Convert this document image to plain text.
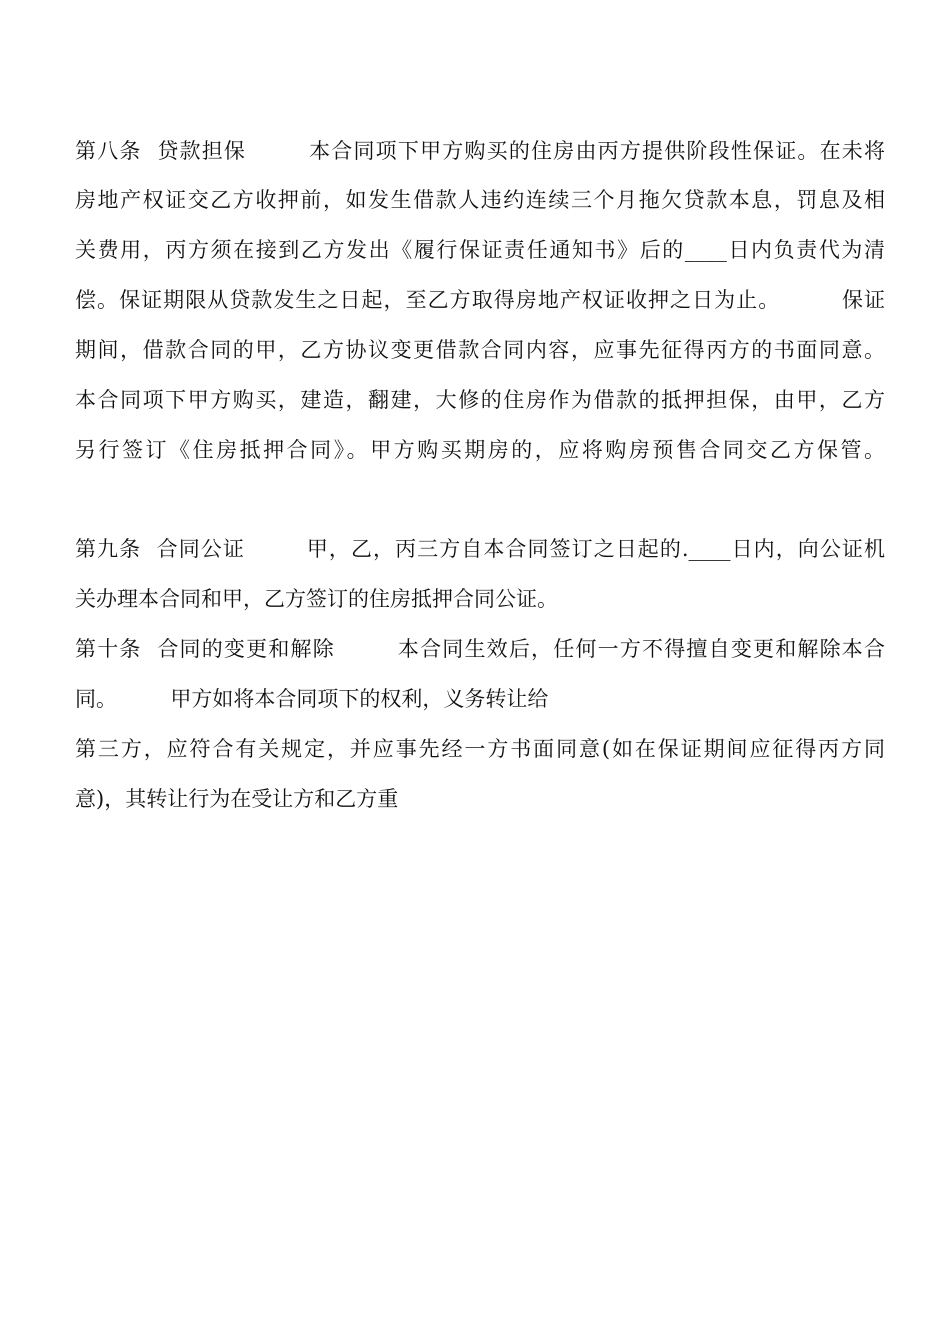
第八条  贷款担保        本合同项下甲方购买的住房由丙方提供阶段性保证。在未将
房地产权证交乙方收押前，如发生借款人违约连续三个月拖欠贷款本息，罚息及相
关费用，丙方须在接到乙方发出《履行保证责任通知书》后的____日内负责代为清
偿。保证期限从贷款发生之日起，至乙方取得房地产权证收押之日为止。        保证
期间，借款合同的甲，乙方协议变更借款合同内容，应事先征得丙方的书面同意。
本合同项下甲方购买，建造，翻建，大修的住房作为借款的抵押担保，由甲，乙方
另行签订《住房抵押合同》。甲方购买期房的，应将购房预售合同交乙方保管。
第九条  合同公证        甲，乙，丙三方自本合同签订之日起的.____日内，向公证机
关办理本合同和甲，乙方签订的住房抵押合同公证。
第十条  合同的变更和解除        本合同生效后，任何一方不得擅自变更和解除本合
同。        甲方如将本合同项下的权利，义务转让给
第三方，应符合有关规定，并应事先经一方书面同意(如在保证期间应征得丙方同
意)，其转让行为在受让方和乙方重
